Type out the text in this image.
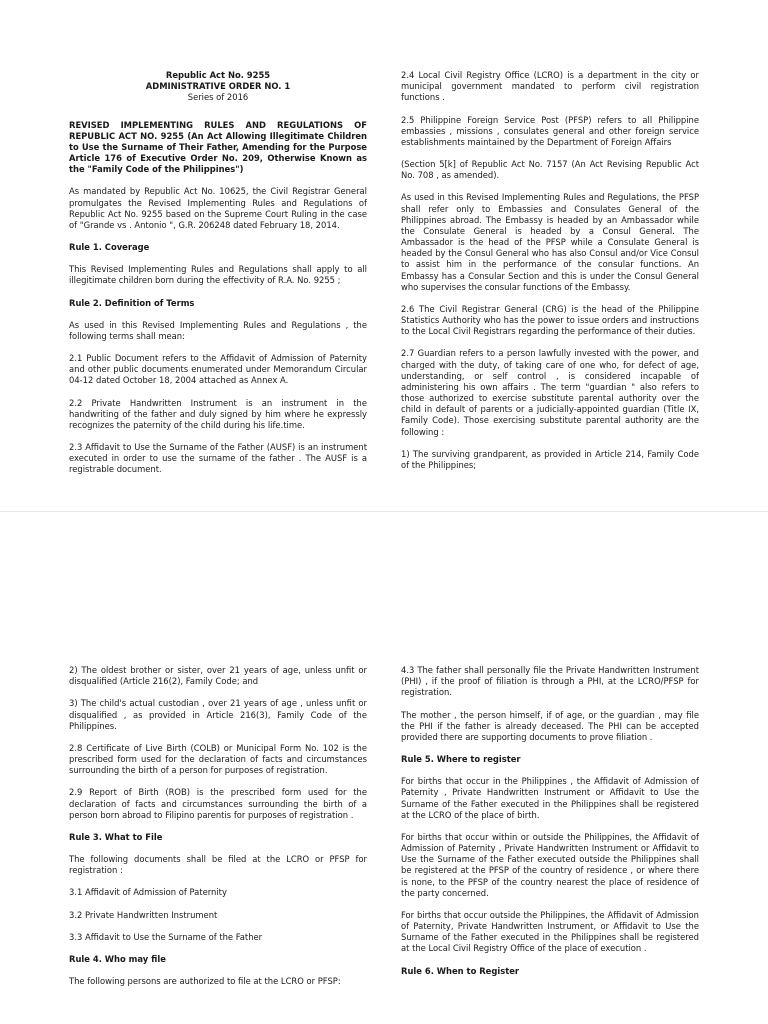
Republic Act No. 9255

ADMINISTRATIVE ORDER NO. 1

Series of 2016

REVISED IMPLEMENTING RULES AND REGULATIONS OF REPUBLIC ACT NO. 9255 (An Act Allowing Illegitimate Children to Use the Surname of Their Father, Amending for the Purpose Article 176 of Executive Order No. 209, Otherwise Known as the "Family Code of the Philippines")

As mandated by Republic Act No. 10625, the Civil Registrar General promulgates the Revised Implementing Rules and Regulations of Republic Act No. 9255 based on the Supreme Court Ruling in the case of "Grande vs . Antonio ", G.R. 206248 dated February 18, 2014.

Rule 1. Coverage

This Revised Implementing Rules and Regulations shall apply to all illegitimate children born during the effectivity of R.A. No. 9255 ;

Rule 2. Definition of Terms

As used in this Revised Implementing Rules and Regulations , the following terms shall mean:

2.1 Public Document refers to the Affidavit of Admission of Paternity and other public documents enumerated under Memorandum Circular 04-12 dated October 18, 2004 attached as Annex A.

2.2 Private Handwritten Instrument is an instrument in the handwriting of the father and duly signed by him where he expressly recognizes the paternity of the child during his life.time.

2.3 Affidavit to Use the Surname of the Father (AUSF) is an instrument executed in order to use the surname of the father . The AUSF is a registrable document.

2.4 Local Civil Registry Office (LCRO) is a department in the city or municipal government mandated to perform civil registration functions .

2.5 Philippine Foreign Service Post (PFSP) refers to all Philippine embassies , missions , consulates general and other foreign service establishments maintained by the Department of Foreign Affairs

(Section 5[k] of Republic Act No. 7157 (An Act Revising Republic Act No. 708 , as amended).

As used in this Revised Implementing Rules and Regulations, the PFSP shall refer only to Embassies and Consulates General of the Philippines abroad. The Embassy is headed by an Ambassador while the Consulate General is headed by a Consul General. The Ambassador is the head of the PFSP while a Consulate General is headed by the Consul General who has also Consul and/or Vice Consul to assist him in the performance of the consular functions. An Embassy has a Consular Section and this is under the Consul General who supervises the consular functions of the Embassy.

2.6 The Civil Registrar General (CRG) is the head of the Philippine Statistics Authority who has the power to issue orders and instructions to the Local Civil Registrars regarding the performance of their duties.

2.7 Guardian refers to a person lawfully invested with the power, and charged with the duty, of taking care of one who, for defect of age, understanding, or self control , is considered incapable of administering his own affairs . The term "guardian " also refers to those authorized to exercise substitute parental authority over the child in default of parents or a judicially-appointed guardian (Title IX, Family Code). Those exercising substitute parental authority are the following :

1) The surviving grandparent, as provided in Article 214, Family Code of the Philippines;

2) The oldest brother or sister, over 21 years of age, unless unfit or disqualified (Article 216(2), Family Code; and

3) The child's actual custodian , over 21 years of age , unless unfit or disqualified , as provided in Article 216(3), Family Code of the Philippines.

2.8 Certificate of Live Birth (COLB) or Municipal Form No. 102 is the prescribed form used for the declaration of facts and circumstances surrounding the birth of a person for purposes of registration.

2.9 Report of Birth (ROB) is the prescribed form used for the declaration of facts and circumstances surrounding the birth of a person born abroad to Filipino parentis for purposes of registration .

Rule 3. What to File

The following documents shall be filed at the LCRO or PFSP for registration :

3.1 Affidavit of Admission of Paternity

3.2 Private Handwritten Instrument

3.3 Affidavit to Use the Surname of the Father

Rule 4. Who may file

The following persons are authorized to file at the LCRO or PFSP:

4.3 The father shall personally file the Private Handwritten Instrument (PHI) , if the proof of filiation is through a PHI, at the LCRO/PFSP for registration.

The mother , the person himself, if of age, or the guardian , may file the PHI if the father is already deceased. The PHI can be accepted provided there are supporting documents to prove filiation .

Rule 5. Where to register

For births that occur in the Philippines , the Affidavit of Admission of Paternity , Private Handwritten Instrument or Affidavit to Use the Surname of the Father executed in the Philippines shall be registered at the LCRO of the place of birth.

For births that occur within or outside the Philippines, the Affidavit of Admission of Paternity , Private Handwritten Instrument or Affidavit to Use the Surname of the Father executed outside the Philippines shall be registered at the PFSP of the country of residence , or where there is none, to the PFSP of the country nearest the place of residence of the party concerned.

For births that occur outside the Philippines, the Affidavit of Admission of Paternity, Private Handwritten Instrument, or Affidavit to Use the Surname of the Father executed in the Philippines shall be registered at the Local Civil Registry Office of the place of execution .

Rule 6. When to Register
